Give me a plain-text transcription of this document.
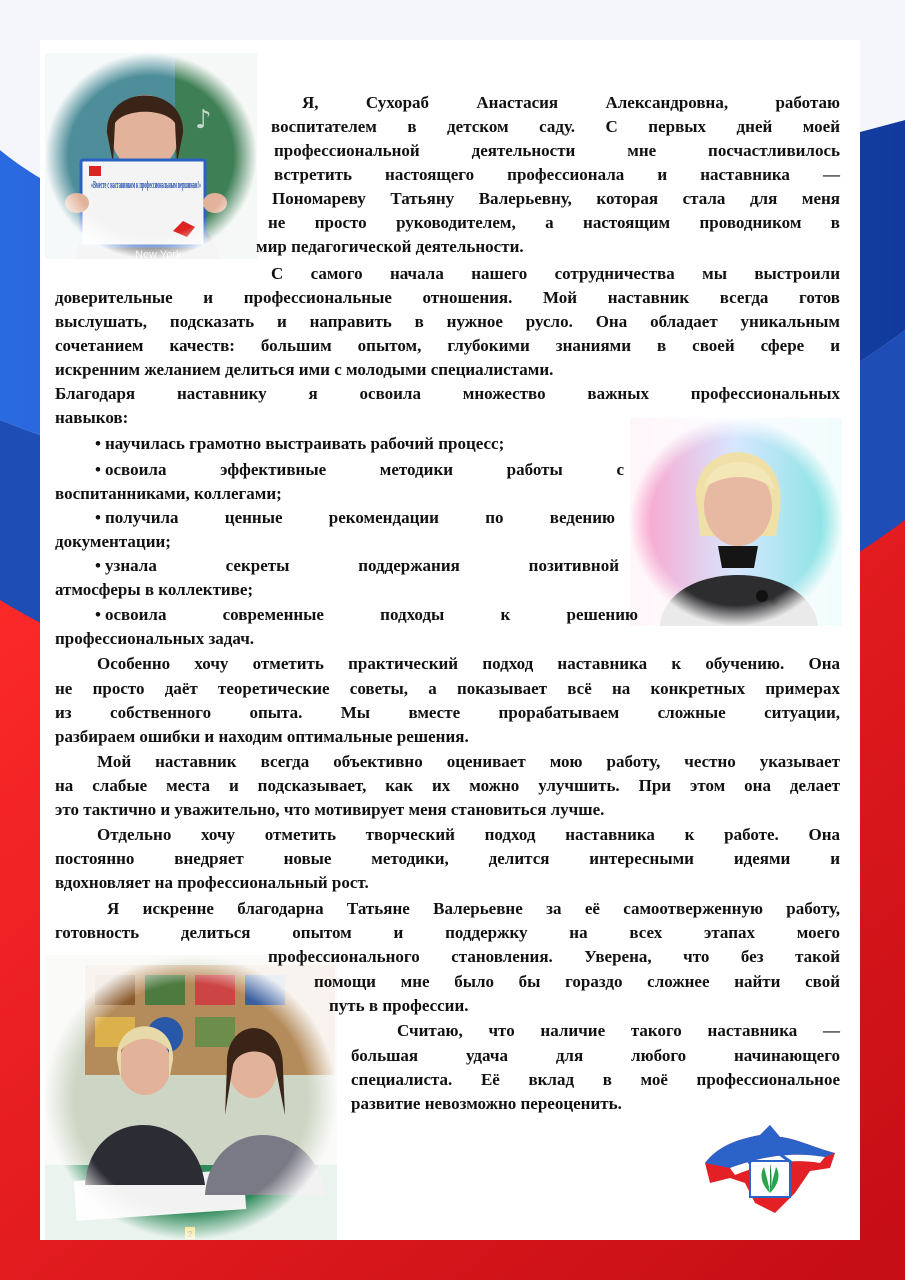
Я, Сухораб Анастасия Александровна, работаю
воспитателем в детском саду. С первых дней моей
профессиональной деятельности мне посчастливилось
встретить настоящего профессионала и наставника —
Пономареву Татьяну Валерьевну, которая стала для меня
не просто руководителем, а настоящим проводником в
мир педагогической деятельности.
С самого начала нашего сотрудничества мы выстроили
доверительные и профессиональные отношения. Мой наставник всегда готов
выслушать, подсказать и направить в нужное русло. Она обладает уникальным
сочетанием качеств: большим опытом, глубокими знаниями в своей сфере и
искренним желанием делиться ими с молодыми специалистами.
Благодаря наставнику я освоила множество важных профессиональных
навыков:
• научилась грамотно выстраивать рабочий процесс;
• освоила эффективные методики работы с
воспитанниками, коллегами;
• получила ценные рекомендации по ведению
документации;
• узнала секреты поддержания позитивной
атмосферы в коллективе;
• освоила современные подходы к решению
профессиональных задач.
Особенно хочу отметить практический подход наставника к обучению. Она
не просто даёт теоретические советы, а показывает всё на конкретных примерах
из собственного опыта. Мы вместе прорабатываем сложные ситуации,
разбираем ошибки и находим оптимальные решения.
Мой наставник всегда объективно оценивает мою работу, честно указывает
на слабые места и подсказывает, как их можно улучшить. При этом она делает
это тактично и уважительно, что мотивирует меня становиться лучше.
Отдельно хочу отметить творческий подход наставника к работе. Она
постоянно внедряет новые методики, делится интересными идеями и
вдохновляет на профессиональный рост.
Я искренне благодарна Татьяне Валерьевне за её самоотверженную работу,
готовность делиться опытом и поддержку на всех этапах моего
профессионального становления. Уверена, что без такой
помощи мне было бы гораздо сложнее найти свой
путь в профессии.
Считаю, что наличие такого наставника —
большая удача для любого начинающего
специалиста. Её вклад в моё профессиональное
развитие невозможно переоценить.
